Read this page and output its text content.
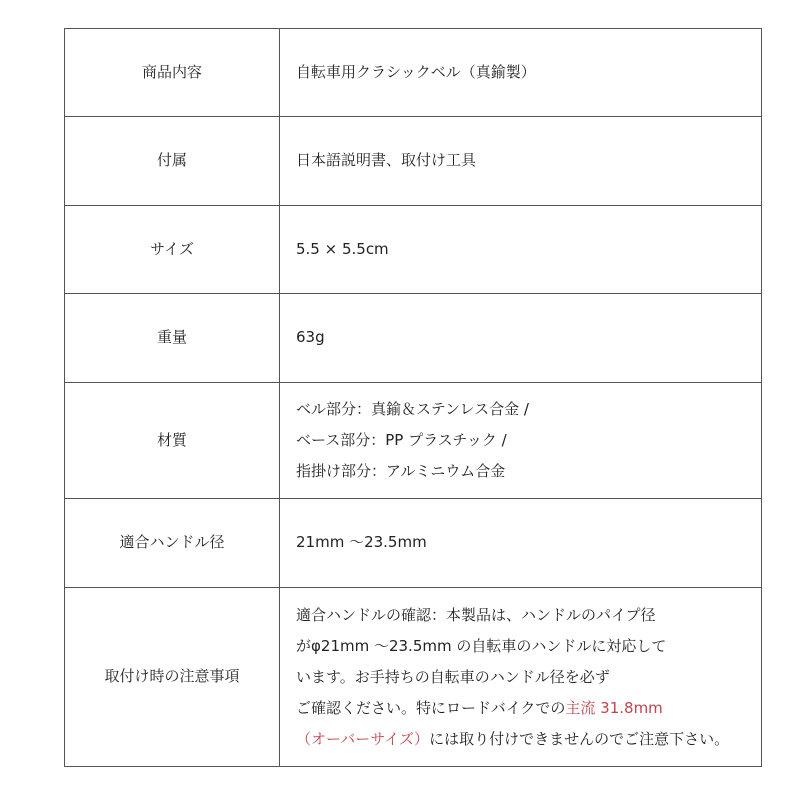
商品内容	自転車用クラシックベル（真鍮製）

付属	日本語説明書、取付け工具

サイズ	5.5 × 5.5cm

重量	63g

材質	ベル部分：真鍮＆ステンレス合金 /
ベース部分：PP プラスチック /
指掛け部分：アルミニウム合金

適合ハンドル径	21mm ～23.5mm

取付け時の注意事項	適合ハンドルの確認：本製品は、ハンドルのパイプ径
がφ21mm ～23.5mm の自転車のハンドルに対応して
います。お手持ちの自転車のハンドル径を必ず
ご確認ください。特にロードバイクでの主流 31.8mm
（オーバーサイズ）には取り付けできませんのでご注意下さい。
